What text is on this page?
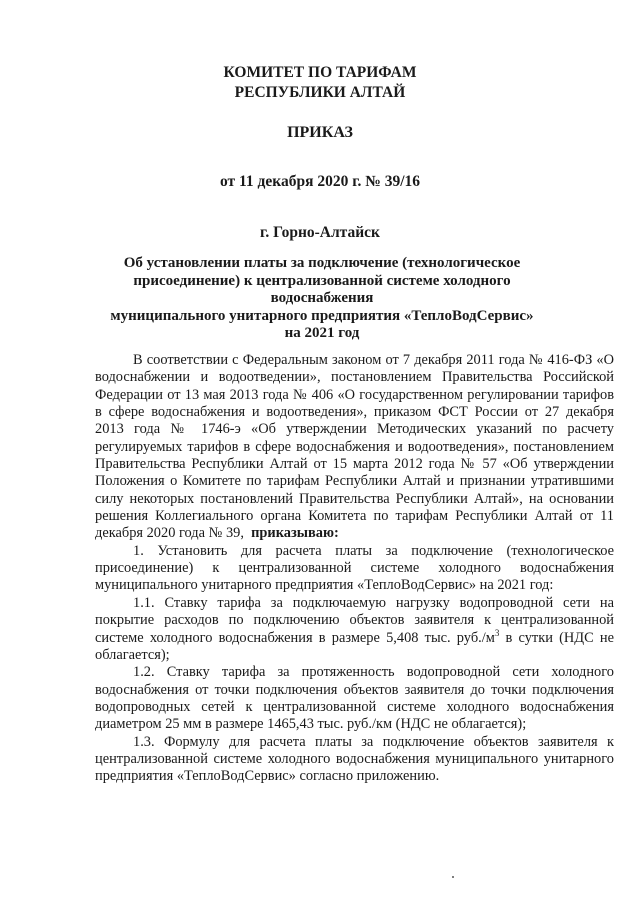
КОМИТЕТ ПО ТАРИФАМ
РЕСПУБЛИКИ АЛТАЙ
ПРИКАЗ
от 11 декабря 2020 г. № 39/16
г. Горно-Алтайск
Об установлении платы за подключение (технологическое
присоединение) к централизованной системе холодного водоснабжения
муниципального унитарного предприятия «ТеплоВодСервис»
на 2021 год

В соответствии с Федеральным законом от 7 декабря 2011 года № 416-ФЗ «О водоснабжении и водоотведении», постановлением Правительства Российской Федерации от 13 мая 2013 года № 406 «О государственном регулировании тарифов в сфере водоснабжения и водоотведения», приказом ФСТ России от 27 декабря 2013 года № 1746-э «Об утверждении Методических указаний по расчету регулируемых тарифов в сфере водоснабжения и водоотведения», постановлением Правительства Республики Алтай от 15 марта 2012 года № 57 «Об утверждении Положения о Комитете по тарифам Республики Алтай и признании утратившими силу некоторых постановлений Правительства Республики Алтай», на основании решения Коллегиального органа Комитета по тарифам Республики Алтай от 11 декабря 2020 года № 39, приказываю:

1. Установить для расчета платы за подключение (технологическое присоединение) к централизованной системе холодного водоснабжения муниципального унитарного предприятия «ТеплоВодСервис» на 2021 год:

1.1. Ставку тарифа за подключаемую нагрузку водопроводной сети на покрытие расходов по подключению объектов заявителя к централизованной системе холодного водоснабжения в размере 5,408 тыс. $руб./м^3$ в сутки (НДС не облагается);

1.2. Ставку тарифа за протяженность водопроводной сети холодного водоснабжения от точки подключения объектов заявителя до точки подключения водопроводных сетей к централизованной системе холодного водоснабжения диаметром 25 мм в размере 1465,43 тыс. руб./км (НДС не облагается);

1.3. Формулу для расчета платы за подключение объектов заявителя к централизованной системе холодного водоснабжения муниципального унитарного предприятия «ТеплоВодСервис» согласно приложению.
